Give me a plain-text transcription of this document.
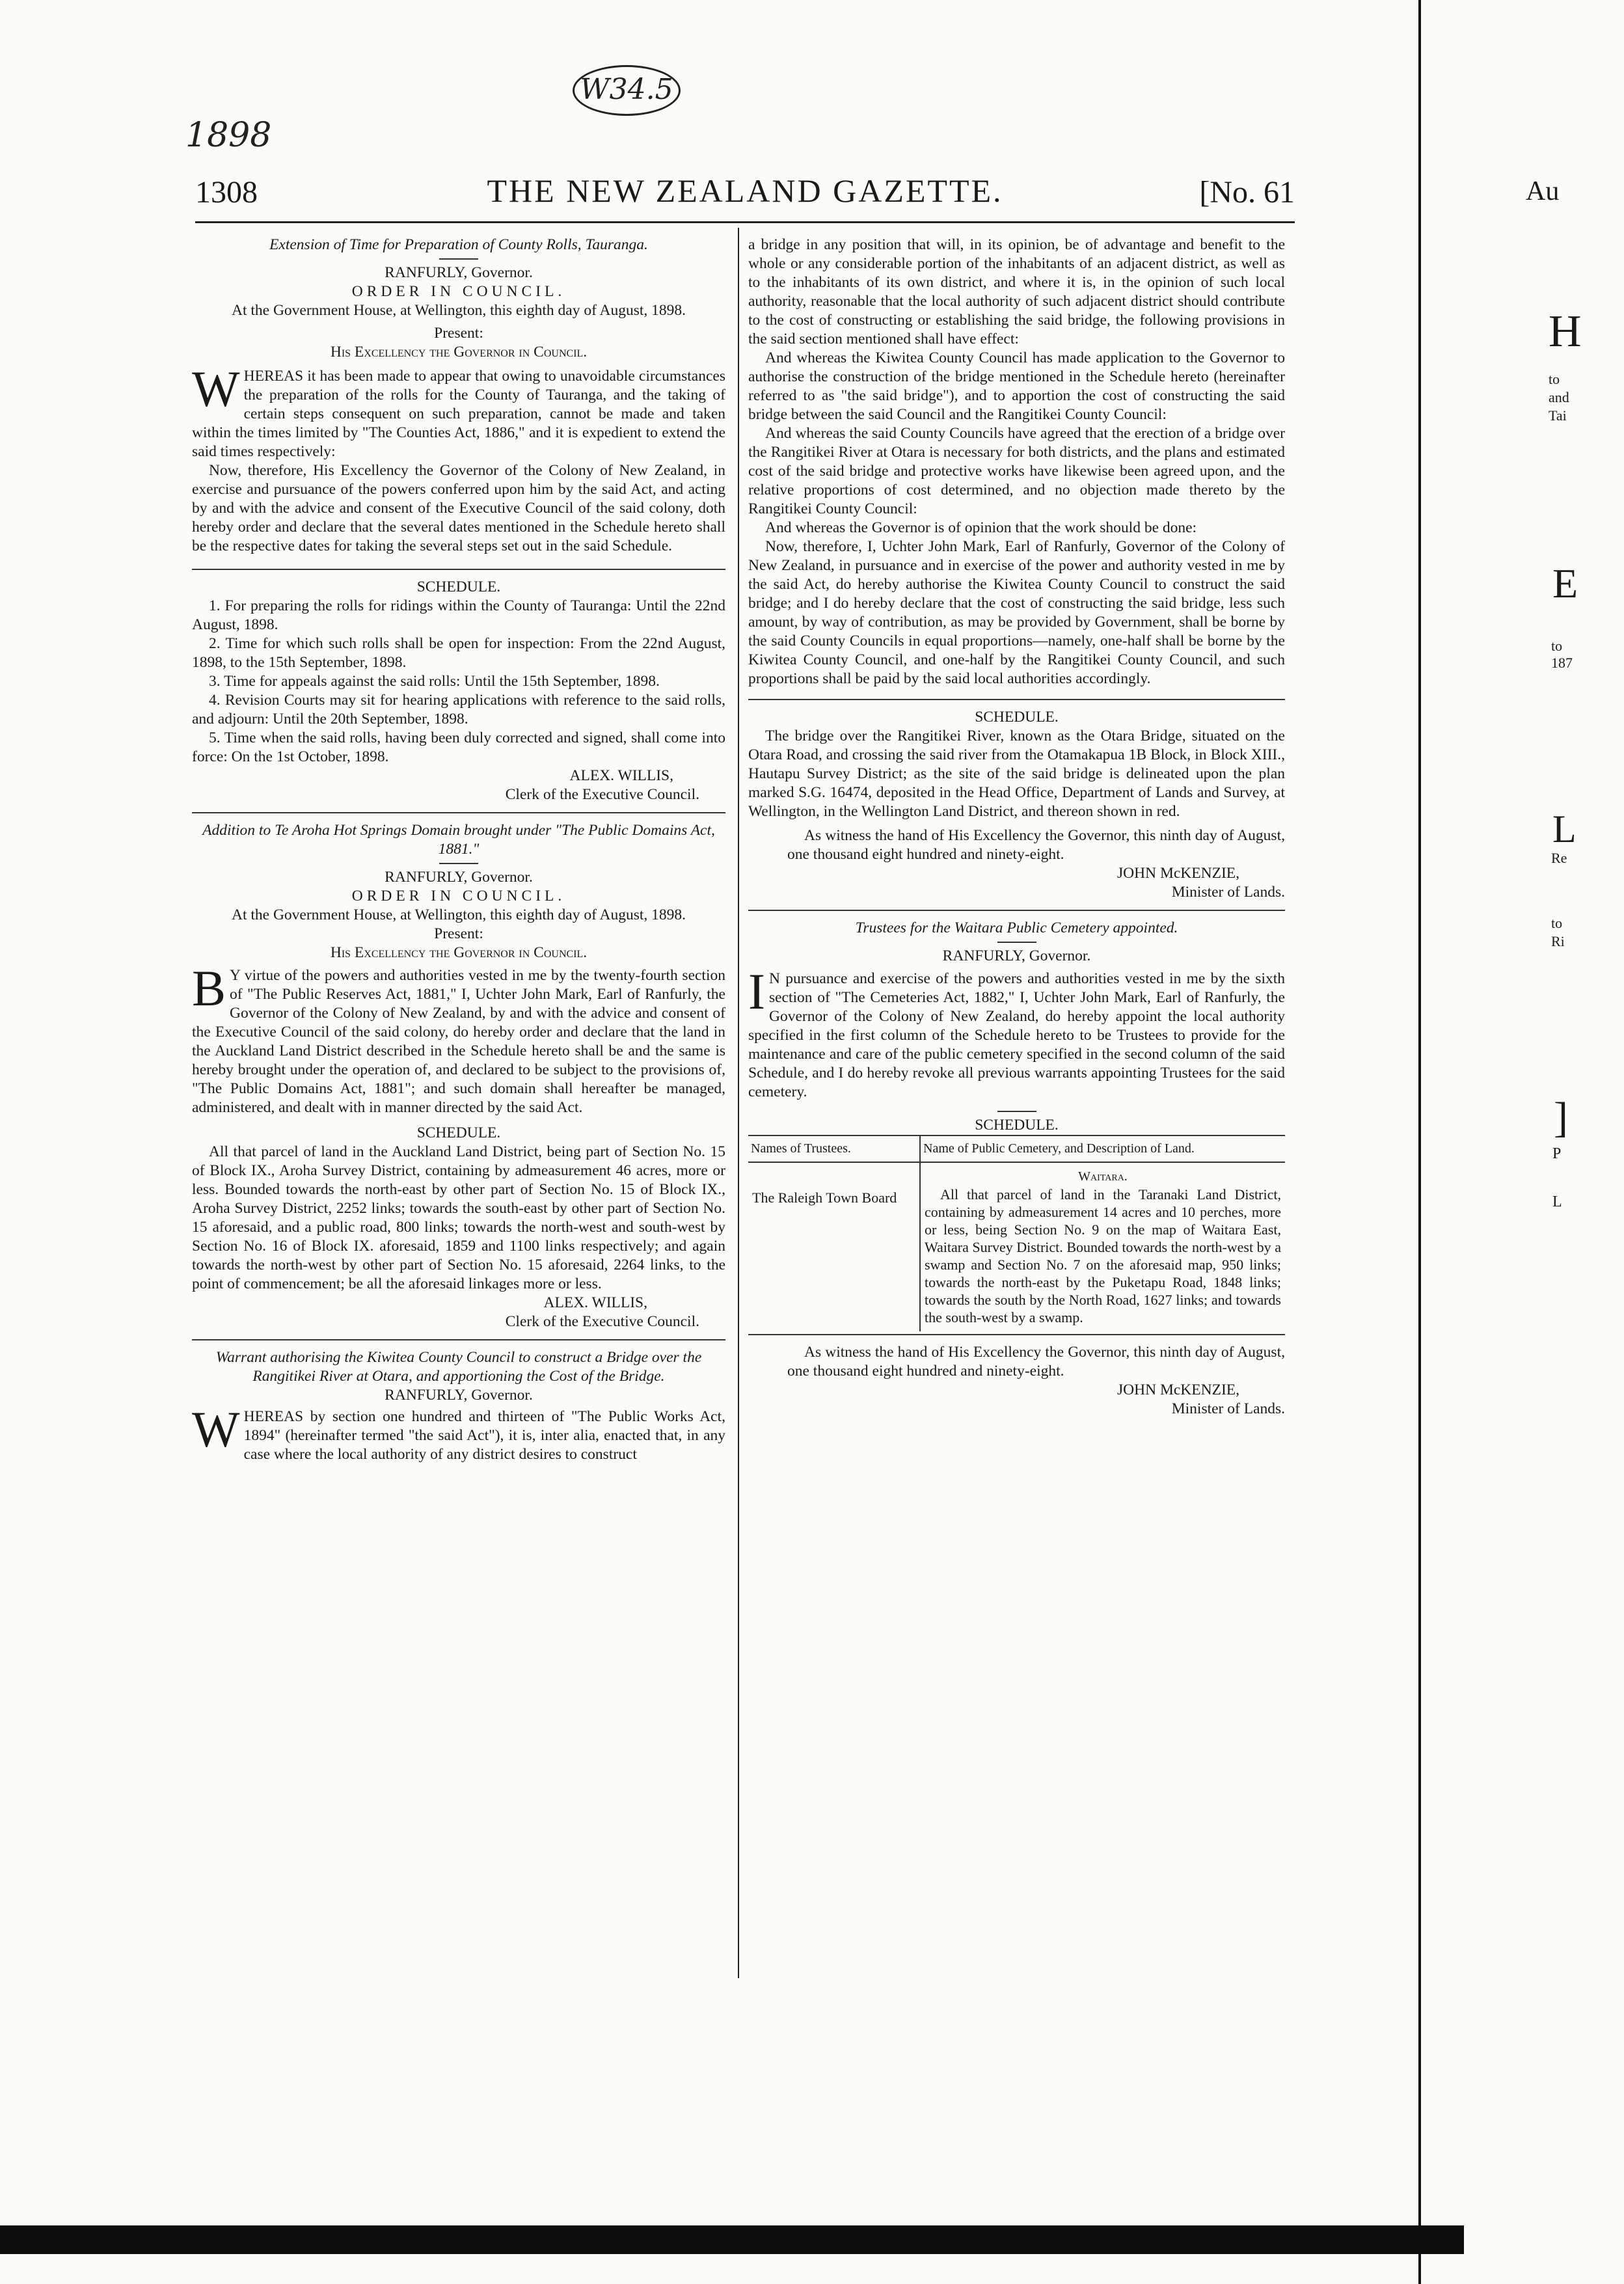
W34.5
1898
1308	THE NEW ZEALAND GAZETTE.	[No. 61

Extension of Time for Preparation of County Rolls, Tauranga.

RANFURLY, Governor.

ORDER IN COUNCIL.

At the Government House, at Wellington, this eighth day of August, 1898.

Present:

His Excellency the Governor in Council.

WHEREAS it has been made to appear that owing to unavoidable circumstances the preparation of the rolls for the County of Tauranga, and the taking of certain steps consequent on such preparation, cannot be made and taken within the times limited by "The Counties Act, 1886," and it is expedient to extend the said times respectively:

Now, therefore, His Excellency the Governor of the Colony of New Zealand, in exercise and pursuance of the powers conferred upon him by the said Act, and acting by and with the advice and consent of the Executive Council of the said colony, doth hereby order and declare that the several dates mentioned in the Schedule hereto shall be the respective dates for taking the several steps set out in the said Schedule.

SCHEDULE.

1. For preparing the rolls for ridings within the County of Tauranga: Until the 22nd August, 1898.

2. Time for which such rolls shall be open for inspection: From the 22nd August, 1898, to the 15th September, 1898.

3. Time for appeals against the said rolls: Until the 15th September, 1898.

4. Revision Courts may sit for hearing applications with reference to the said rolls, and adjourn: Until the 20th September, 1898.

5. Time when the said rolls, having been duly corrected and signed, shall come into force: On the 1st October, 1898.

ALEX. WILLIS,

Clerk of the Executive Council.

Addition to Te Aroha Hot Springs Domain brought under "The Public Domains Act, 1881."

RANFURLY, Governor.

ORDER IN COUNCIL.

At the Government House, at Wellington, this eighth day of August, 1898.

Present:

His Excellency the Governor in Council.

B Y virtue of the powers and authorities vested in me by the twenty-fourth section of "The Public Reserves Act, 1881," I, Uchter John Mark, Earl of Ranfurly, the Governor of the Colony of New Zealand, by and with the advice and consent of the Executive Council of the said colony, do hereby order and declare that the land in the Auckland Land District described in the Schedule hereto shall be and the same is hereby brought under the operation of, and declared to be subject to the provisions of, "The Public Domains Act, 1881"; and such domain shall hereafter be managed, administered, and dealt with in manner directed by the said Act.

SCHEDULE.

All that parcel of land in the Auckland Land District, being part of Section No. 15 of Block IX., Aroha Survey District, containing by admeasurement 46 acres, more or less. Bounded towards the north-east by other part of Section No. 15 of Block IX., Aroha Survey District, 2252 links; towards the south-east by other part of Section No. 15 aforesaid, and a public road, 800 links; towards the north-west and south-west by Section No. 16 of Block IX. aforesaid, 1859 and 1100 links respectively; and again towards the north-west by other part of Section No. 15 aforesaid, 2264 links, to the point of commencement; be all the aforesaid linkages more or less.

ALEX. WILLIS,

Clerk of the Executive Council.

Warrant authorising the Kiwitea County Council to construct a Bridge over the Rangitikei River at Otara, and apportioning the Cost of the Bridge.

RANFURLY, Governor.

WHEREAS by section one hundred and thirteen of "The Public Works Act, 1894" (hereinafter termed "the said Act"), it is, inter alia, enacted that, in any case where the local authority of any district desires to construct

a bridge in any position that will, in its opinion, be of advantage and benefit to the whole or any considerable portion of the inhabitants of an adjacent district, as well as to the inhabitants of its own district, and where it is, in the opinion of such local authority, reasonable that the local authority of such adjacent district should contribute to the cost of constructing or establishing the said bridge, the following provisions in the said section mentioned shall have effect:

And whereas the Kiwitea County Council has made application to the Governor to authorise the construction of the bridge mentioned in the Schedule hereto (hereinafter referred to as "the said bridge"), and to apportion the cost of constructing the said bridge between the said Council and the Rangitikei County Council:

And whereas the said County Councils have agreed that the erection of a bridge over the Rangitikei River at Otara is necessary for both districts, and the plans and estimated cost of the said bridge and protective works have likewise been agreed upon, and the relative proportions of cost determined, and no objection made thereto by the Rangitikei County Council:

And whereas the Governor is of opinion that the work should be done:

Now, therefore, I, Uchter John Mark, Earl of Ranfurly, Governor of the Colony of New Zealand, in pursuance and in exercise of the power and authority vested in me by the said Act, do hereby authorise the Kiwitea County Council to construct the said bridge; and I do hereby declare that the cost of constructing the said bridge, less such amount, by way of contribution, as may be provided by Government, shall be borne by the said County Councils in equal proportions—namely, one-half shall be borne by the Kiwitea County Council, and one-half by the Rangitikei County Council, and such proportions shall be paid by the said local authorities accordingly.

SCHEDULE.

The bridge over the Rangitikei River, known as the Otara Bridge, situated on the Otara Road, and crossing the said river from the Otamakapua 1B Block, in Block XIII., Hautapu Survey District; as the site of the said bridge is delineated upon the plan marked S.G. 16474, deposited in the Head Office, Department of Lands and Survey, at Wellington, in the Wellington Land District, and thereon shown in red.

As witness the hand of His Excellency the Governor, this ninth day of August, one thousand eight hundred and ninety-eight.

JOHN McKENZIE,

Minister of Lands.

Trustees for the Waitara Public Cemetery appointed.

RANFURLY, Governor.

I N pursuance and exercise of the powers and authorities vested in me by the sixth section of "The Cemeteries Act, 1882," I, Uchter John Mark, Earl of Ranfurly, the Governor of the Colony of New Zealand, do hereby appoint the local authority specified in the first column of the Schedule hereto to be Trustees to provide for the maintenance and care of the public cemetery specified in the second column of the said Schedule, and I do hereby revoke all previous warrants appointing Trustees for the said cemetery.

SCHEDULE.

Names of Trustees.	Name of Public Cemetery, and Description of Land.
The Raleigh Town Board	Waitara.
All that parcel of land in the Taranaki Land District, containing by admeasurement 14 acres and 10 perches, more or less, being Section No. 9 on the map of Waitara East, Waitara Survey District. Bounded towards the north-west by a swamp and Section No. 7 on the aforesaid map, 950 links; towards the north-east by the Puketapu Road, 1848 links; towards the south by the North Road, 1627 links; and towards the south-west by a swamp.

As witness the hand of His Excellency the Governor, this ninth day of August, one thousand eight hundred and ninety-eight.

JOHN McKENZIE,

Minister of Lands.

Au
H
to
and
Tai
E
to
187
L
Re
to
Ri
]
P
L
